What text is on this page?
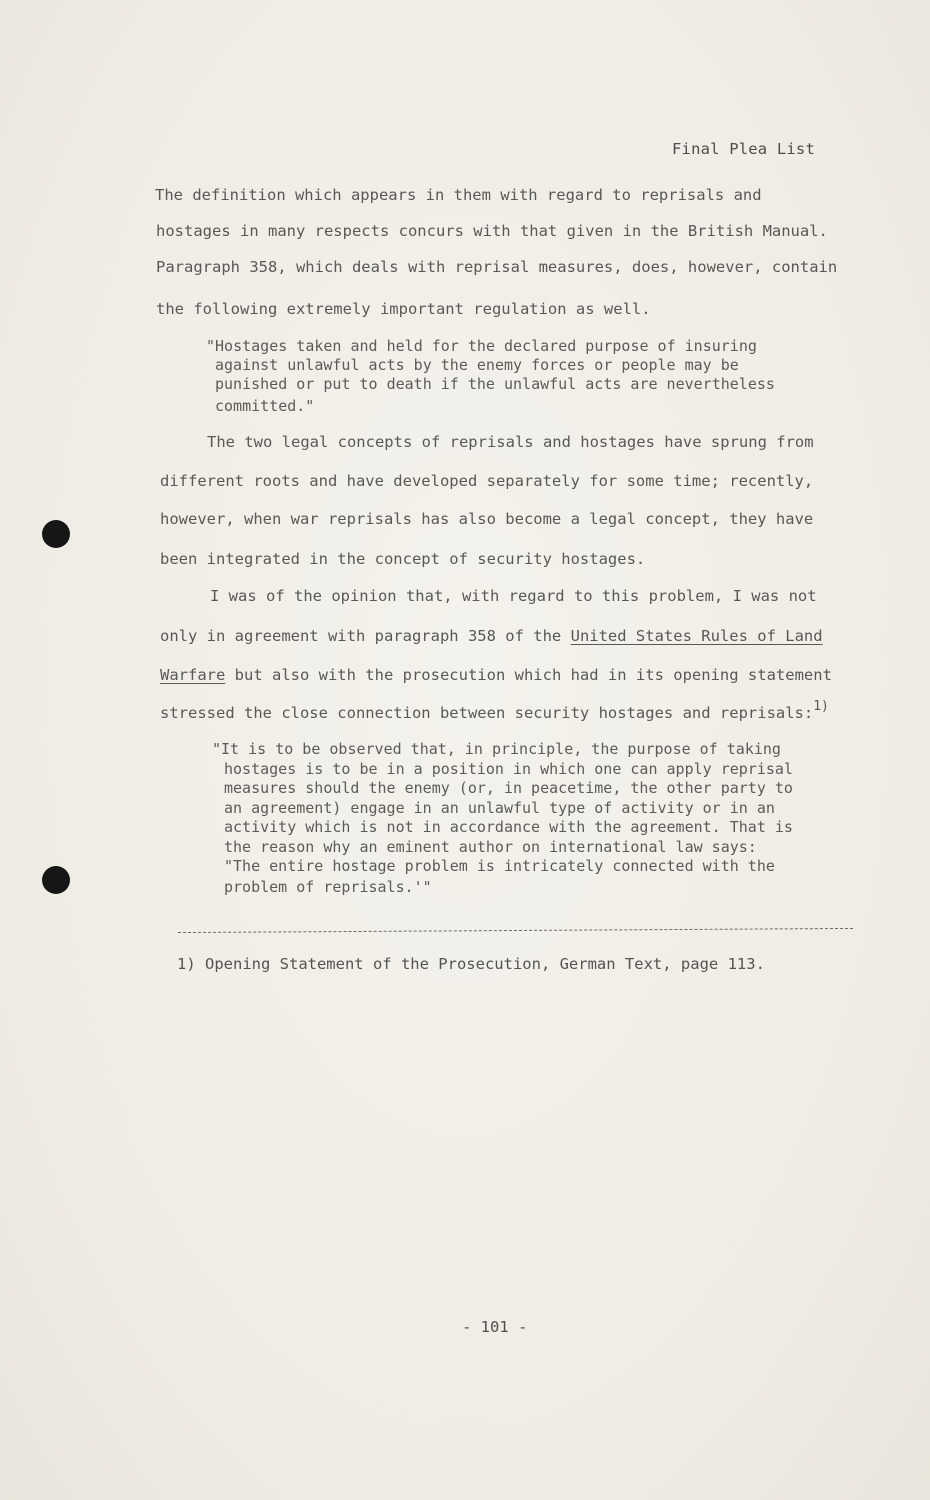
Final Plea List
The definition which appears in them with regard to reprisals and
hostages in many respects concurs with that given in the British Manual.
Paragraph 358, which deals with reprisal measures, does, however, contain
the following extremely important regulation as well.
"Hostages taken and held for the declared purpose of insuring
against unlawful acts by the enemy forces or people may be
punished or put to death if the unlawful acts are nevertheless
committed."
The two legal concepts of reprisals and hostages have sprung from
different roots and have developed separately for some time; recently,
however, when war reprisals has also become a legal concept, they have
been integrated in the concept of security hostages.
I was of the opinion that, with regard to this problem, I was not
only in agreement with paragraph 358 of the United States Rules of Land
Warfare but also with the prosecution which had in its opening statement
stressed the close connection between security hostages and reprisals:$^{1)}$
"It is to be observed that, in principle, the purpose of taking
hostages is to be in a position in which one can apply reprisal
measures should the enemy (or, in peacetime, the other party to
an agreement) engage in an unlawful type of activity or in an
activity which is not in accordance with the agreement. That is
the reason why an eminent author on international law says:
"The entire hostage problem is intricately connected with the
problem of reprisals.'"
1) Opening Statement of the Prosecution, German Text, page 113.
- 101 -
